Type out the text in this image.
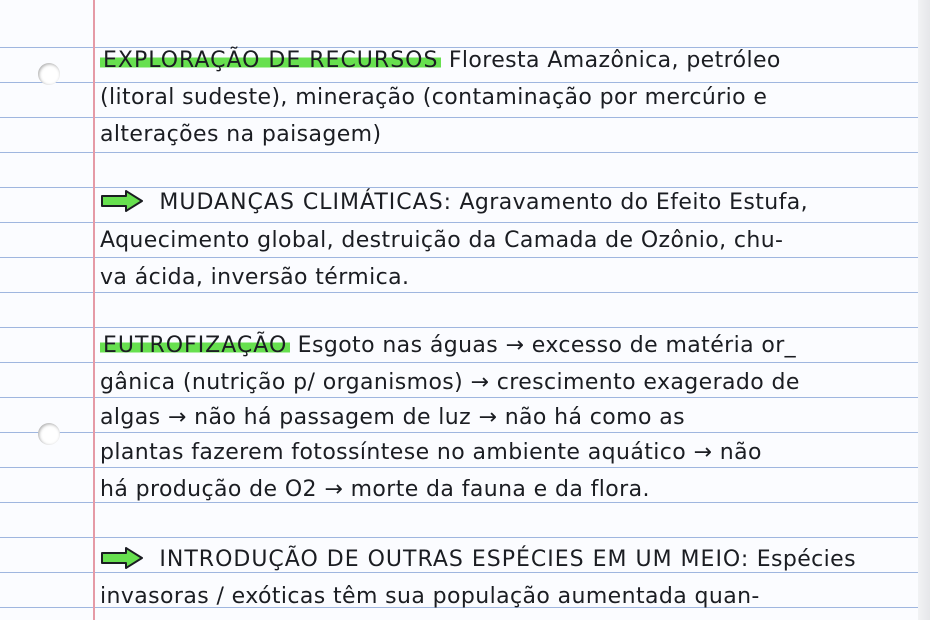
EXPLORAÇÃO DE RECURSOS Floresta Amazônica, petróleo
(litoral sudeste), mineração (contaminação por mercúrio e
alterações na paisagem)
MUDANÇAS CLIMÁTICAS: Agravamento do Efeito Estufa,
Aquecimento global, destruição da Camada de Ozônio, chu-
va ácida, inversão térmica.
EUTROFIZAÇÃO Esgoto nas águas → excesso de matéria or_
gânica (nutrição p/ organismos) → crescimento exagerado de
algas → não há passagem de luz → não há como as
plantas fazerem fotossíntese no ambiente aquático → não
há produção de O2 → morte da fauna e da flora.
INTRODUÇÃO DE OUTRAS ESPÉCIES EM UM MEIO: Espécies
invasoras / exóticas têm sua população aumentada quan-
